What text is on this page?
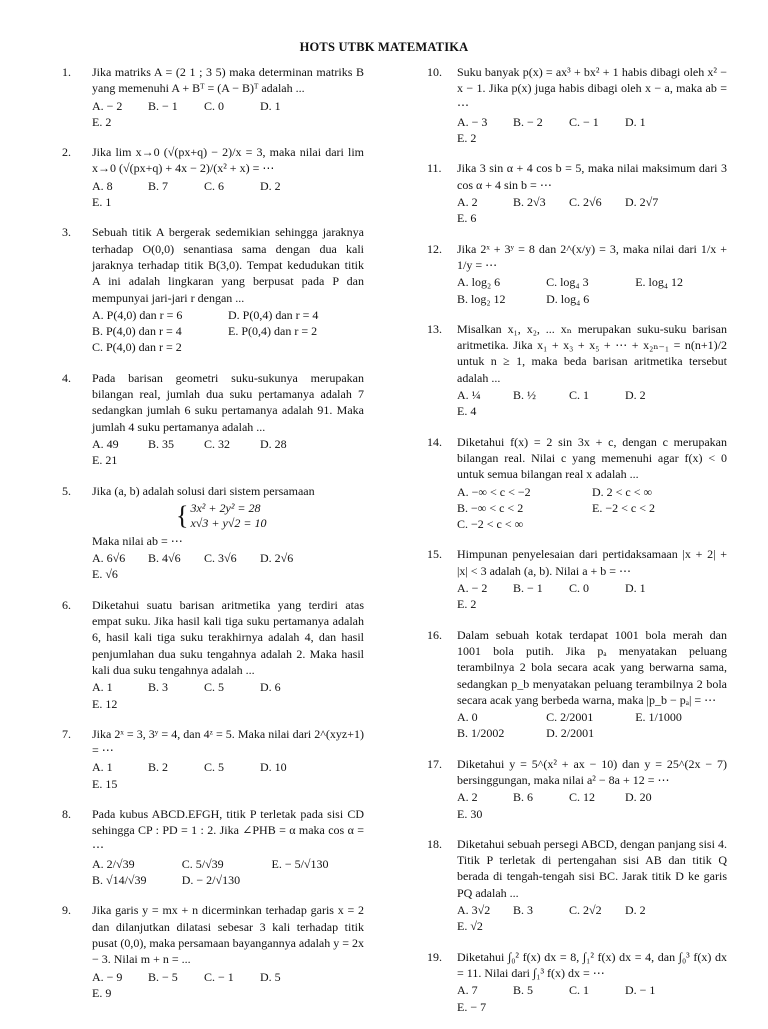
HOTS UTBK MATEMATIKA
1.	Jika matriks A = (2 1 ; 3 5) maka determinan matriks B yang memenuhi A + Bᵀ = (A − B)ᵀ adalah ...
A. − 2	B. − 1	C. 0	D. 1
E. 2
2.	Jika lim x→0 (√(px+q) − 2)/x = 3, maka nilai dari lim x→0 (√(px+q) + 4x − 2)/(x² + x) = ⋯
A. 8	B. 7	C. 6	D. 2
E. 1
3.	Sebuah titik A bergerak sedemikian sehingga jaraknya terhadap O(0,0) senantiasa sama dengan dua kali jaraknya terhadap titik B(3,0). Tempat kedudukan titik A ini adalah lingkaran yang berpusat pada P dan mempunyai jari-jari r dengan ...
A. P(4,0) dan r = 6	D. P(0,4) dan r = 4
B. P(4,0) dan r = 4	E. P(0,4) dan r = 2
C. P(4,0) dan r = 2
4.	Pada barisan geometri suku-sukunya merupakan bilangan real, jumlah dua suku pertamanya adalah 7 sedangkan jumlah 6 suku pertamanya adalah 91. Maka jumlah 4 suku pertamanya adalah ...
A. 49	B. 35	C. 32	D. 28
E. 21
5.	Jika (a, b) adalah solusi dari sistem persamaan
{ 3x² + 2y² = 28
x√3 + y√2 = 10
Maka nilai ab = ⋯
A. 6√6	B. 4√6	C. 3√6	D. 2√6
E. √6
6.	Diketahui suatu barisan aritmetika yang terdiri atas empat suku. Jika hasil kali tiga suku pertamanya adalah 6, hasil kali tiga suku terakhirnya adalah 4, dan hasil penjumlahan dua suku tengahnya adalah 2. Maka hasil kali dua suku tengahnya adalah ...
A. 1	B. 3	C. 5	D. 6
E. 12
7.	Jika 2ˣ = 3, 3ʸ = 4, dan 4ᶻ = 5. Maka nilai dari 2^(xyz+1) = ⋯
A. 1	B. 2	C. 5	D. 10
E. 15
8.	Pada kubus ABCD.EFGH, titik P terletak pada sisi CD sehingga CP : PD = 1 : 2. Jika ∠PHB = α maka cos α = ⋯
A. 2/√39	C. 5/√39	E. − 5/√130
B. √14/√39	D. − 2/√130
9.	Jika garis y = mx + n dicerminkan terhadap garis x = 2 dan dilanjutkan dilatasi sebesar 3 kali terhadap titik pusat (0,0), maka persamaan bayangannya adalah y = 2x − 3. Nilai m + n = ...
A. − 9	B. − 5	C. − 1	D. 5
E. 9
10.	Suku banyak p(x) = ax³ + bx² + 1 habis dibagi oleh x² − x − 1. Jika p(x) juga habis dibagi oleh x − a, maka ab = ⋯
A. − 3	B. − 2	C. − 1	D. 1
E. 2
11.	Jika 3 sin α + 4 cos b = 5, maka nilai maksimum dari 3 cos α + 4 sin b = ⋯
A. 2	B. 2√3	C. 2√6	D. 2√7
E. 6
12.	Jika 2ˣ + 3ʸ = 8 dan 2^(x/y) = 3, maka nilai dari 1/x + 1/y = ⋯
A. log₂ 6	C. log₄ 3	E. log₄ 12
B. log₂ 12	D. log₄ 6
13.	Misalkan x₁, x₂, ... xₙ merupakan suku-suku barisan aritmetika. Jika x₁ + x₃ + x₅ + ⋯ + x₂ₙ₋₁ = n(n+1)/2 untuk n ≥ 1, maka beda barisan aritmetika tersebut adalah ...
A. ¼	B. ½	C. 1	D. 2
E. 4
14.	Diketahui f(x) = 2 sin 3x + c, dengan c merupakan bilangan real. Nilai c yang memenuhi agar f(x) < 0 untuk semua bilangan real x adalah ...
A. −∞ < c < −2	D. 2 < c < ∞
B. −∞ < c < 2	E. −2 < c < 2
C. −2 < c < ∞
15.	Himpunan penyelesaian dari pertidaksamaan |x + 2| + |x| < 3 adalah (a, b). Nilai a + b = ⋯
A. − 2	B. − 1	C. 0	D. 1
E. 2
16.	Dalam sebuah kotak terdapat 1001 bola merah dan 1001 bola putih. Jika pₐ menyatakan peluang terambilnya 2 bola secara acak yang berwarna sama, sedangkan p_b menyatakan peluang terambilnya 2 bola secara acak yang berbeda warna, maka |p_b − pₐ| = ⋯
A. 0	C. 2/2001	E. 1/1000
B. 1/2002	D. 2/2001
17.	Diketahui y = 5^(x² + ax − 10) dan y = 25^(2x − 7) bersinggungan, maka nilai a² − 8a + 12 = ⋯
A. 2	B. 6	C. 12	D. 20
E. 30
18.	Diketahui sebuah persegi ABCD, dengan panjang sisi 4. Titik P terletak di pertengahan sisi AB dan titik Q berada di tengah-tengah sisi BC. Jarak titik D ke garis PQ adalah ...
A. 3√2	B. 3	C. 2√2	D. 2
E. √2
19.	Diketahui ∫₀² f(x) dx = 8, ∫₁² f(x) dx = 4, dan ∫₀³ f(x) dx = 11. Nilai dari ∫₁³ f(x) dx = ⋯
A. 7	B. 5	C. 1	D. − 1
E. − 7
